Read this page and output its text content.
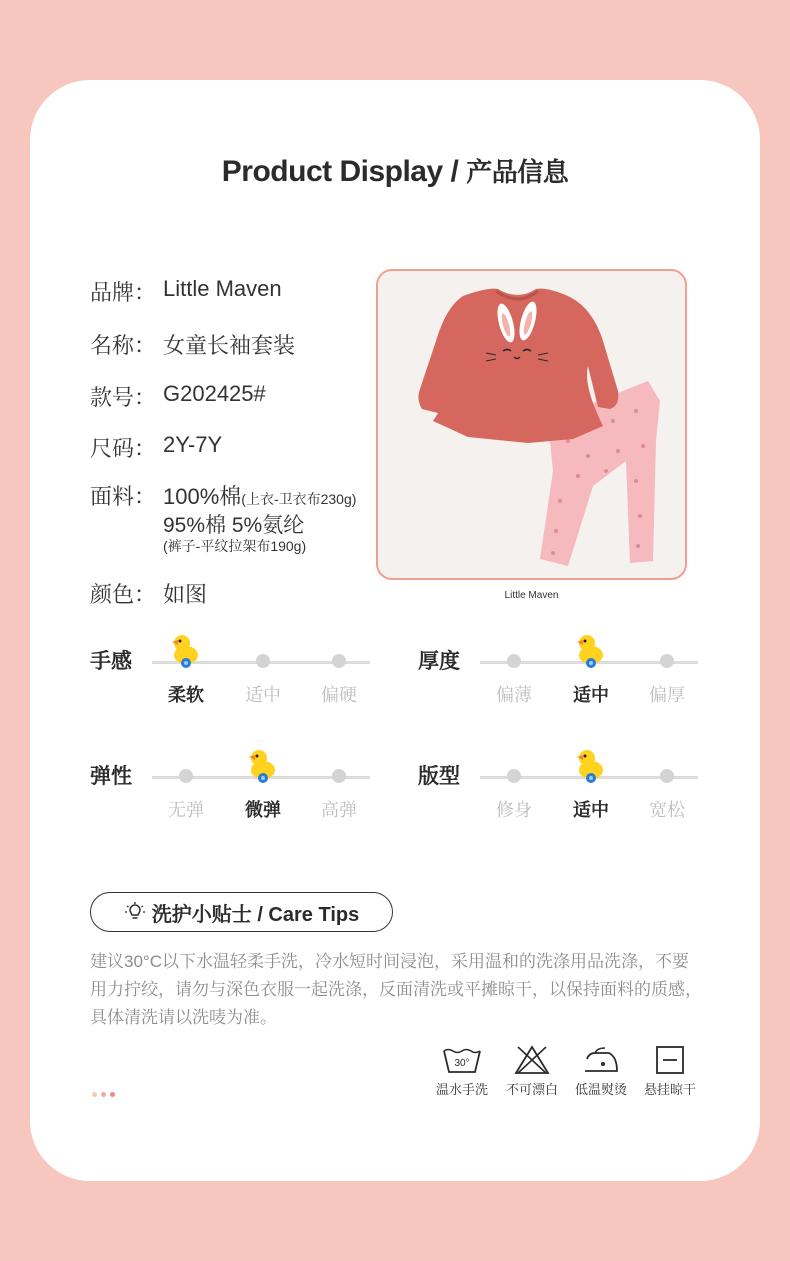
Product Display / 产品信息
品牌： Little Maven
名称： 女童长袖套装
款号： G202425#
尺码： 2Y-7Y
面料： 100%棉(上衣-卫衣布230g)
95%棉 5%氨纶
(裤子-平纹拉架布190g)
颜色： 如图	Little Maven
手感
柔软	适中	偏硬
厚度
偏薄	适中	偏厚
弹性
无弹	微弹	高弹
版型
修身	适中	宽松
洗护小贴士 / Care Tips
建议30°C以下水温轻柔手洗，冷水短时间浸泡，采用温和的洗涤用品洗涤，不要用力拧绞，请勿与深色衣服一起洗涤，反面清洗或平摊晾干，以保持面料的质感，具体清洗请以洗唛为准。
30°
温水手洗	不可漂白	低温熨烫	悬挂晾干
